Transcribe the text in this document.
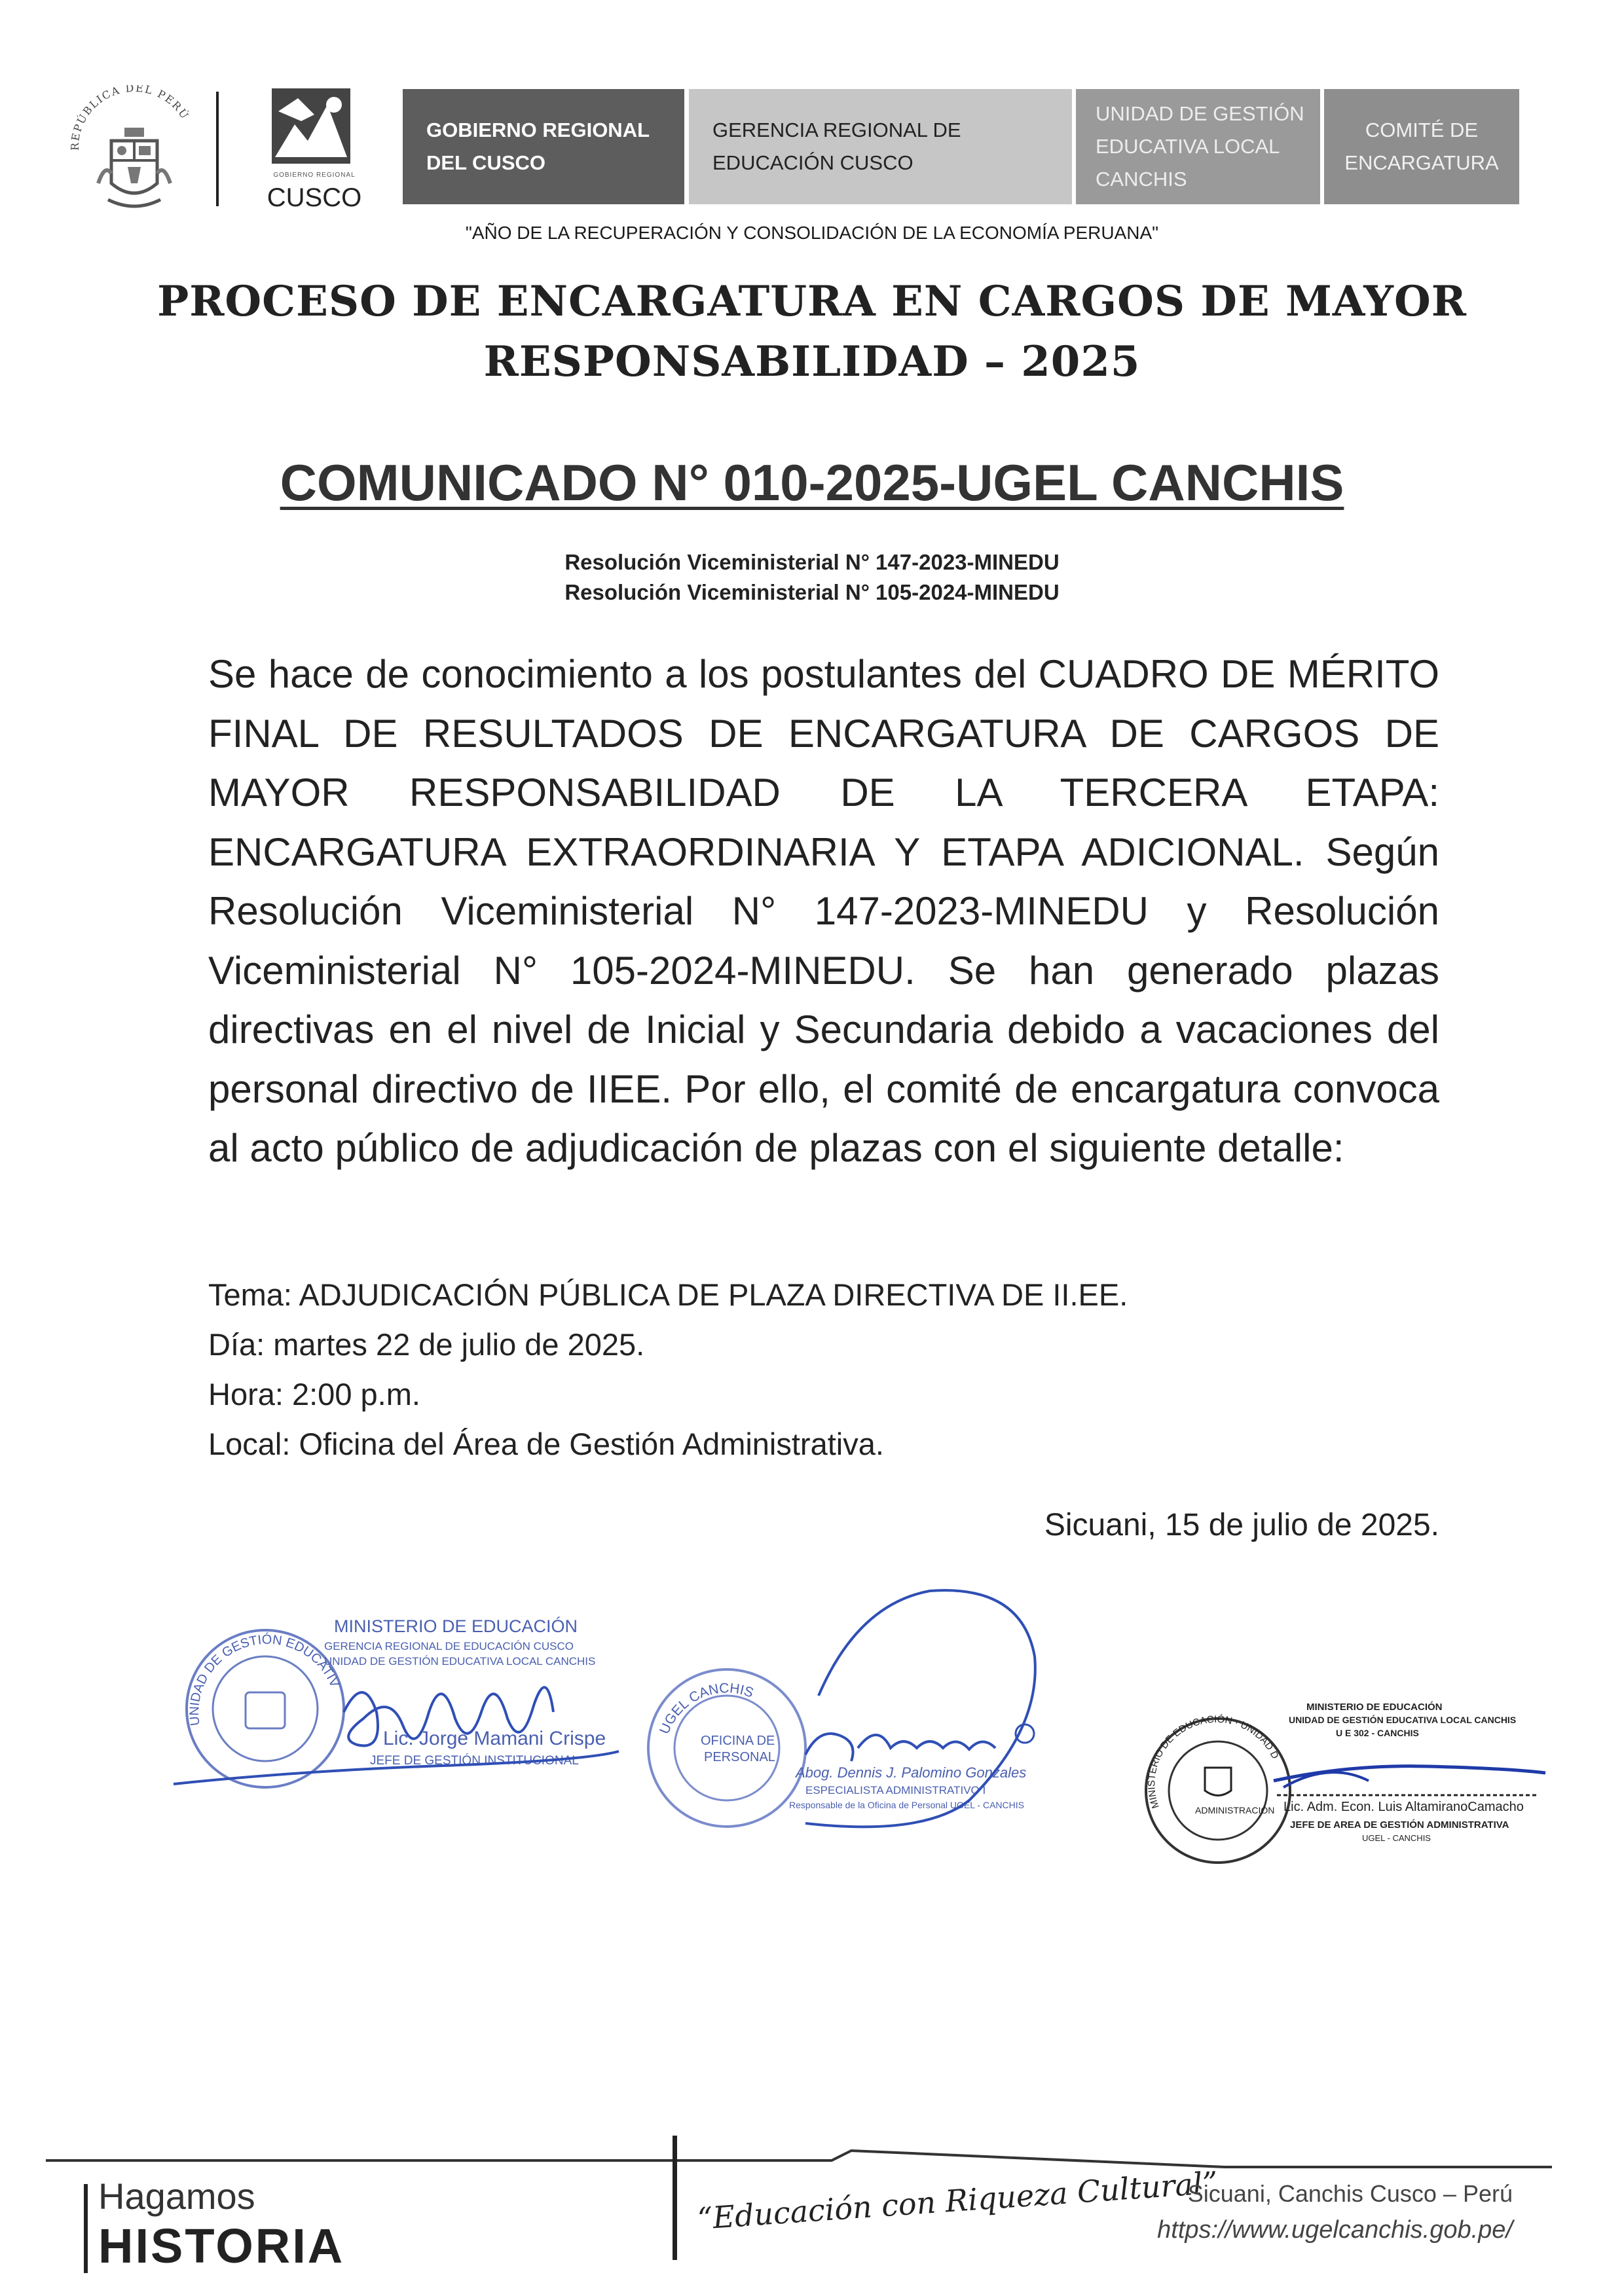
REPÚBLICA DEL PERÚ
GOBIERNO REGIONAL
CUSCO
GOBIERNO REGIONAL
DEL CUSCO
GERENCIA REGIONAL DE
EDUCACIÓN CUSCO
UNIDAD DE GESTIÓN
EDUCATIVA LOCAL
CANCHIS
COMITÉ DE
ENCARGATURA
"AÑO DE LA RECUPERACIÓN Y CONSOLIDACIÓN DE LA ECONOMÍA PERUANA"
PROCESO DE ENCARGATURA EN CARGOS DE MAYOR
RESPONSABILIDAD – 2025
COMUNICADO N° 010-2025-UGEL CANCHIS
Resolución Viceministerial N° 147-2023-MINEDU
Resolución Viceministerial N° 105-2024-MINEDU
Se hace de conocimiento a los postulantes del CUADRO DE MÉRITO FINAL DE RESULTADOS DE ENCARGATURA DE CARGOS DE MAYOR RESPONSABILIDAD DE LA TERCERA ETAPA: ENCARGATURA EXTRAORDINARIA Y ETAPA ADICIONAL. Según Resolución Viceministerial N° 147-2023-MINEDU y Resolución Viceministerial N° 105-2024-MINEDU. Se han generado plazas directivas en el nivel de Inicial y Secundaria debido a vacaciones del personal directivo de IIEE. Por ello, el comité de encargatura convoca al acto público de adjudicación de plazas con el siguiente detalle:
Tema: ADJUDICACIÓN PÚBLICA DE PLAZA DIRECTIVA DE II.EE.
Día: martes 22 de julio de 2025.
Hora: 2:00 p.m.
Local: Oficina del Área de Gestión Administrativa.
Sicuani, 15 de julio de 2025.
UNIDAD DE GESTIÓN EDUCATIV
MINISTERIO DE EDUCACIÓN
GERENCIA REGIONAL DE EDUCACIÓN CUSCO
UNIDAD DE GESTIÓN EDUCATIVA LOCAL CANCHIS
Lic. Jorge Mamani Crispe
JEFE DE GESTIÓN INSTITUCIONAL
UGEL CANCHIS
OFICINA DE
PERSONAL
Abog. Dennis J. Palomino Gonzales
ESPECIALISTA ADMINISTRATIVO I
Responsable de la Oficina de Personal UGEL - CANCHIS	MINISTERIO DE EDUCACIÓN · UNIDAD D
ADMINISTRACIÓN
MINISTERIO DE EDUCACIÓN
UNIDAD DE GESTIÓN EDUCATIVA LOCAL CANCHIS
U E 302 - CANCHIS
Lic. Adm. Econ. Luis AltamiranoCamacho
JEFE DE AREA DE GESTIÓN ADMINISTRATIVA
UGEL - CANCHIS
Hagamos
HISTORIA
“Educación con Riqueza Cultural”
Sicuani, Canchis Cusco – Perú
https://www.ugelcanchis.gob.pe/
